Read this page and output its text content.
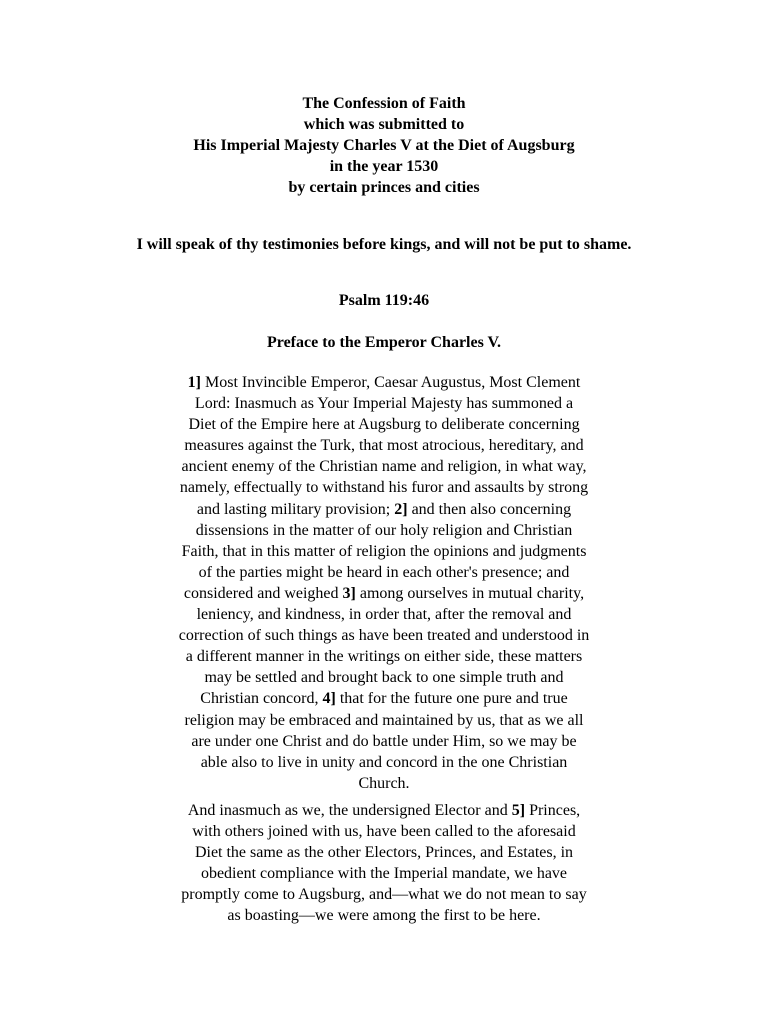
The Confession of Faith
which was submitted to
His Imperial Majesty Charles V at the Diet of Augsburg
in the year 1530
by certain princes and cities
I will speak of thy testimonies before kings, and will not be put to shame.
Psalm 119:46
Preface to the Emperor Charles V.
1] Most Invincible Emperor, Caesar Augustus, Most Clement
Lord: Inasmuch as Your Imperial Majesty has summoned a
Diet of the Empire here at Augsburg to deliberate concerning
measures against the Turk, that most atrocious, hereditary, and
ancient enemy of the Christian name and religion, in what way,
namely, effectually to withstand his furor and assaults by strong
and lasting military provision; 2] and then also concerning
dissensions in the matter of our holy religion and Christian
Faith, that in this matter of religion the opinions and judgments
of the parties might be heard in each other's presence; and
considered and weighed 3] among ourselves in mutual charity,
leniency, and kindness, in order that, after the removal and
correction of such things as have been treated and understood in
a different manner in the writings on either side, these matters
may be settled and brought back to one simple truth and
Christian concord, 4] that for the future one pure and true
religion may be embraced and maintained by us, that as we all
are under one Christ and do battle under Him, so we may be
able also to live in unity and concord in the one Christian
Church.
And inasmuch as we, the undersigned Elector and 5] Princes,
with others joined with us, have been called to the aforesaid
Diet the same as the other Electors, Princes, and Estates, in
obedient compliance with the Imperial mandate, we have
promptly come to Augsburg, and—what we do not mean to say
as boasting—we were among the first to be here.
